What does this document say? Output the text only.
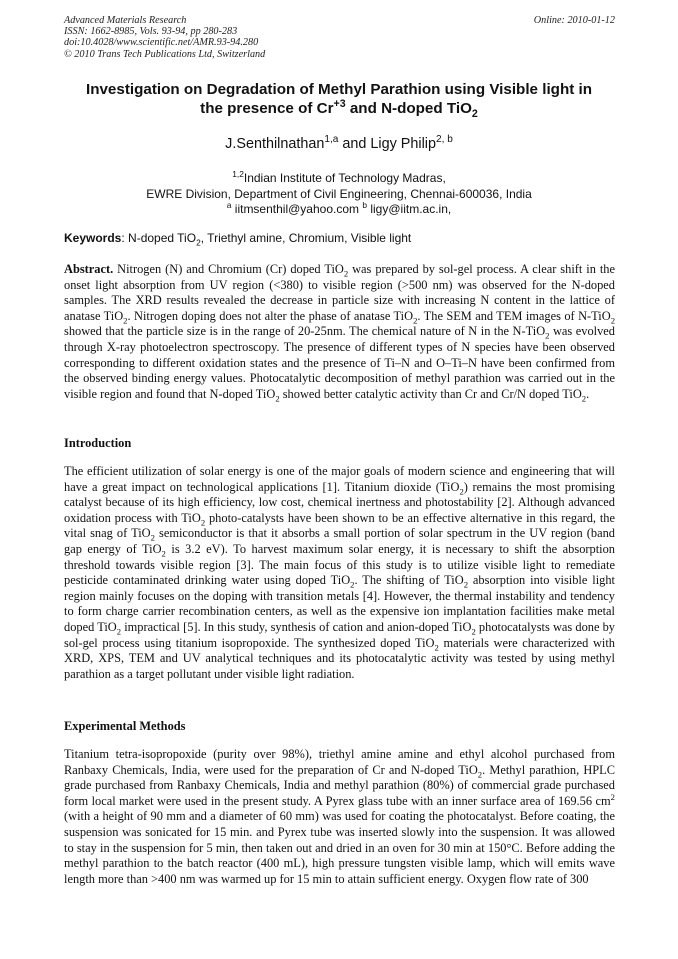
Advanced Materials Research
ISSN: 1662-8985, Vols. 93-94, pp 280-283
doi:10.4028/www.scientific.net/AMR.93-94.280
© 2010 Trans Tech Publications Ltd, Switzerland
Online: 2010-01-12
Investigation on Degradation of Methyl Parathion using Visible light in
the presence of $Cr^{+3}$ and N-doped TiO$_2$
J.Senthilnathan$^{1,a}$ and Ligy Philip$^{2, b}$
$^{1,2}$Indian Institute of Technology Madras,
EWRE Division, Department of Civil Engineering, Chennai-600036, India
$^a$ iitmsenthil@yahoo.com $^b$ ligy@iitm.ac.in,
Keywords: N-doped TiO$_2$, Triethyl amine, Chromium, Visible light

Abstract. Nitrogen (N) and Chromium (Cr) doped TiO$_2$ was prepared by sol-gel process. A clear shift in the onset light absorption from UV region (<380) to visible region (>500 nm) was observed for the N-doped samples. The XRD results revealed the decrease in particle size with increasing N content in the lattice of anatase TiO$_2$. Nitrogen doping does not alter the phase of anatase TiO$_2$. The SEM and TEM images of N-TiO$_2$ showed that the particle size is in the range of 20-25nm. The chemical nature of N in the N-TiO$_2$ was evolved through X-ray photoelectron spectroscopy. The presence of different types of N species have been observed corresponding to different oxidation states and the presence of Ti–N and O–Ti–N have been confirmed from the observed binding energy values. Photocatalytic decomposition of methyl parathion was carried out in the visible region and found that N-doped TiO$_2$ showed better catalytic activity than Cr and Cr/N doped TiO$_2$.

Introduction

The efficient utilization of solar energy is one of the major goals of modern science and engineering that will have a great impact on technological applications [1]. Titanium dioxide (TiO$_2$) remains the most promising catalyst because of its high efficiency, low cost, chemical inertness and photostability [2]. Although advanced oxidation process with TiO$_2$ photo-catalysts have been shown to be an effective alternative in this regard, the vital snag of TiO$_2$ semiconductor is that it absorbs a small portion of solar spectrum in the UV region (band gap energy of TiO$_2$ is 3.2 eV). To harvest maximum solar energy, it is necessary to shift the absorption threshold towards visible region [3]. The main focus of this study is to utilize visible light to remediate pesticide contaminated drinking water using doped TiO$_2$. The shifting of TiO$_2$ absorption into visible light region mainly focuses on the doping with transition metals [4]. However, the thermal instability and tendency to form charge carrier recombination centers, as well as the expensive ion implantation facilities make metal doped TiO$_2$ impractical [5]. In this study, synthesis of cation and anion-doped TiO$_2$ photocatalysts was done by sol-gel process using titanium isopropoxide. The synthesized doped TiO$_2$ materials were characterized with XRD, XPS, TEM and UV analytical techniques and its photocatalytic activity was tested by using methyl parathion as a target pollutant under visible light radiation.

Experimental Methods

Titanium tetra-isopropoxide (purity over 98%), triethyl amine amine and ethyl alcohol purchased from Ranbaxy Chemicals, India, were used for the preparation of Cr and N-doped TiO$_2$. Methyl parathion, HPLC grade purchased from Ranbaxy Chemicals, India and methyl parathion (80%) of commercial grade purchased form local market were used in the present study. A Pyrex glass tube with an inner surface area of 169.56 $cm^2$ (with a height of 90 mm and a diameter of 60 mm) was used for coating the photocatalyst. Before coating, the suspension was sonicated for 15 min. and Pyrex tube was inserted slowly into the suspension. It was allowed to stay in the suspension for 5 min, then taken out and dried in an oven for 30 min at 150°C. Before adding the methyl parathion to the batch reactor (400 mL), high pressure tungsten visible lamp, which will emits wave length more than >400 nm was warmed up for 15 min to attain sufficient energy. Oxygen flow rate of 300
